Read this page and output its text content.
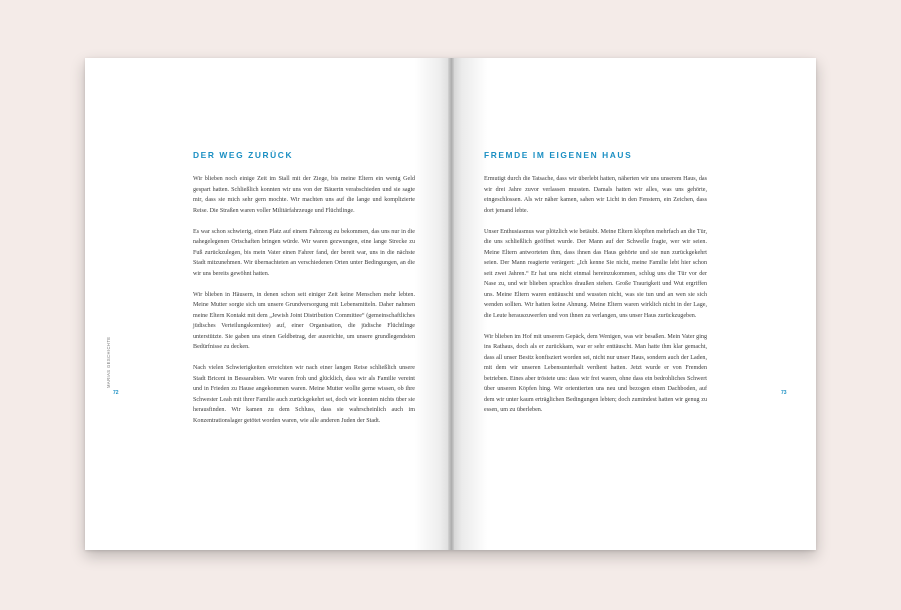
MARIAS GESCHICHTE
72
DER WEG ZURÜCK

Wir blieben noch einige Zeit im Stall mit der Ziege, bis meine Eltern ein wenig Geld gespart hatten. Schließlich konnten wir uns von der Bäuerin verabschieden und sie sagte mir, dass sie mich sehr gern mochte. Wir machten uns auf die lange und komplizierte Reise. Die Straßen waren voller Militärfahrzeuge und Flüchtlinge.

Es war schon schwierig, einen Platz auf einem Fahrzeug zu bekommen, das uns nur in die nahegelegenen Ortschaften bringen würde. Wir waren gezwungen, eine lange Strecke zu Fuß zurückzulegen, bis mein Vater einen Fahrer fand, der bereit war, uns in die nächste Stadt mitzunehmen. Wir übernachteten an verschiedenen Orten unter Bedingungen, an die wir uns bereits gewöhnt hatten.

Wir blieben in Häusern, in denen schon seit einiger Zeit keine Menschen mehr lebten. Meine Mutter sorgte sich um unsere Grundversorgung mit Lebensmitteln. Daher nahmen meine Eltern Kontakt mit dem „Jewish Joint Distribution Committee“ (gemeinschaftliches jüdisches Verteilungskomitee) auf, einer Organisation, die jüdische Flüchtlinge unterstützte. Sie gaben uns einen Geldbetrag, der ausreichte, um unsere grundlegendsten Bedürfnisse zu decken.

Nach vielen Schwierigkeiten erreichten wir nach einer langen Reise schließlich unsere Stadt Briceni in Bessarabien. Wir waren froh und glücklich, dass wir als Familie vereint und in Frieden zu Hause angekommen waren. Meine Mutter wollte gerne wissen, ob ihre Schwester Leah mit ihrer Familie auch zurückgekehrt sei, doch wir konnten nichts über sie herausfinden. Wir kamen zu dem Schluss, dass sie wahrscheinlich auch im Konzentrationslager getötet worden waren, wie alle anderen Juden der Stadt.

73
FREMDE IM EIGENEN HAUS

Ermutigt durch die Tatsache, dass wir überlebt hatten, näherten wir uns unserem Haus, das wir drei Jahre zuvor verlassen mussten. Damals hatten wir alles, was uns gehörte, eingeschlossen. Als wir näher kamen, sahen wir Licht in den Fenstern, ein Zeichen, dass dort jemand lebte.

Unser Enthusiasmus war plötzlich wie betäubt. Meine Eltern klopften mehrfach an die Tür, die uns schließlich geöffnet wurde. Der Mann auf der Schwelle fragte, wer wir seien. Meine Eltern antworteten ihm, dass ihnen das Haus gehörte und sie nun zurückgekehrt seien. Der Mann reagierte verärgert: „Ich kenne Sie nicht, meine Familie lebt hier schon seit zwei Jahren.“ Er hat uns nicht einmal hereinzukommen, schlug uns die Tür vor der Nase zu, und wir blieben sprachlos draußen stehen. Große Traurigkeit und Wut ergriffen uns. Meine Eltern waren enttäuscht und wussten nicht, was sie tun und an wen sie sich wenden sollten. Wir hatten keine Ahnung. Meine Eltern waren wirklich nicht in der Lage, die Leute herauszuwerfen und von ihnen zu verlangen, uns unser Haus zurückzugeben.

Wir blieben im Hof mit unserem Gepäck, dem Wenigen, was wir besaßen. Mein Vater ging ins Rathaus, doch als er zurückkam, war er sehr enttäuscht. Man hatte ihm klar gemacht, dass all unser Besitz konfisziert worden sei, nicht nur unser Haus, sondern auch der Laden, mit dem wir unseren Lebensunterhalt verdient hatten. Jetzt wurde er von Fremden betrieben. Eines aber tröstete uns: dass wir frei waren, ohne dass ein bedrohliches Schwert über unseren Köpfen hing. Wir orientierten uns neu und bezogen einen Dachboden, auf dem wir unter kaum erträglichen Bedingungen lebten; doch zumindest hatten wir genug zu essen, um zu überleben.
